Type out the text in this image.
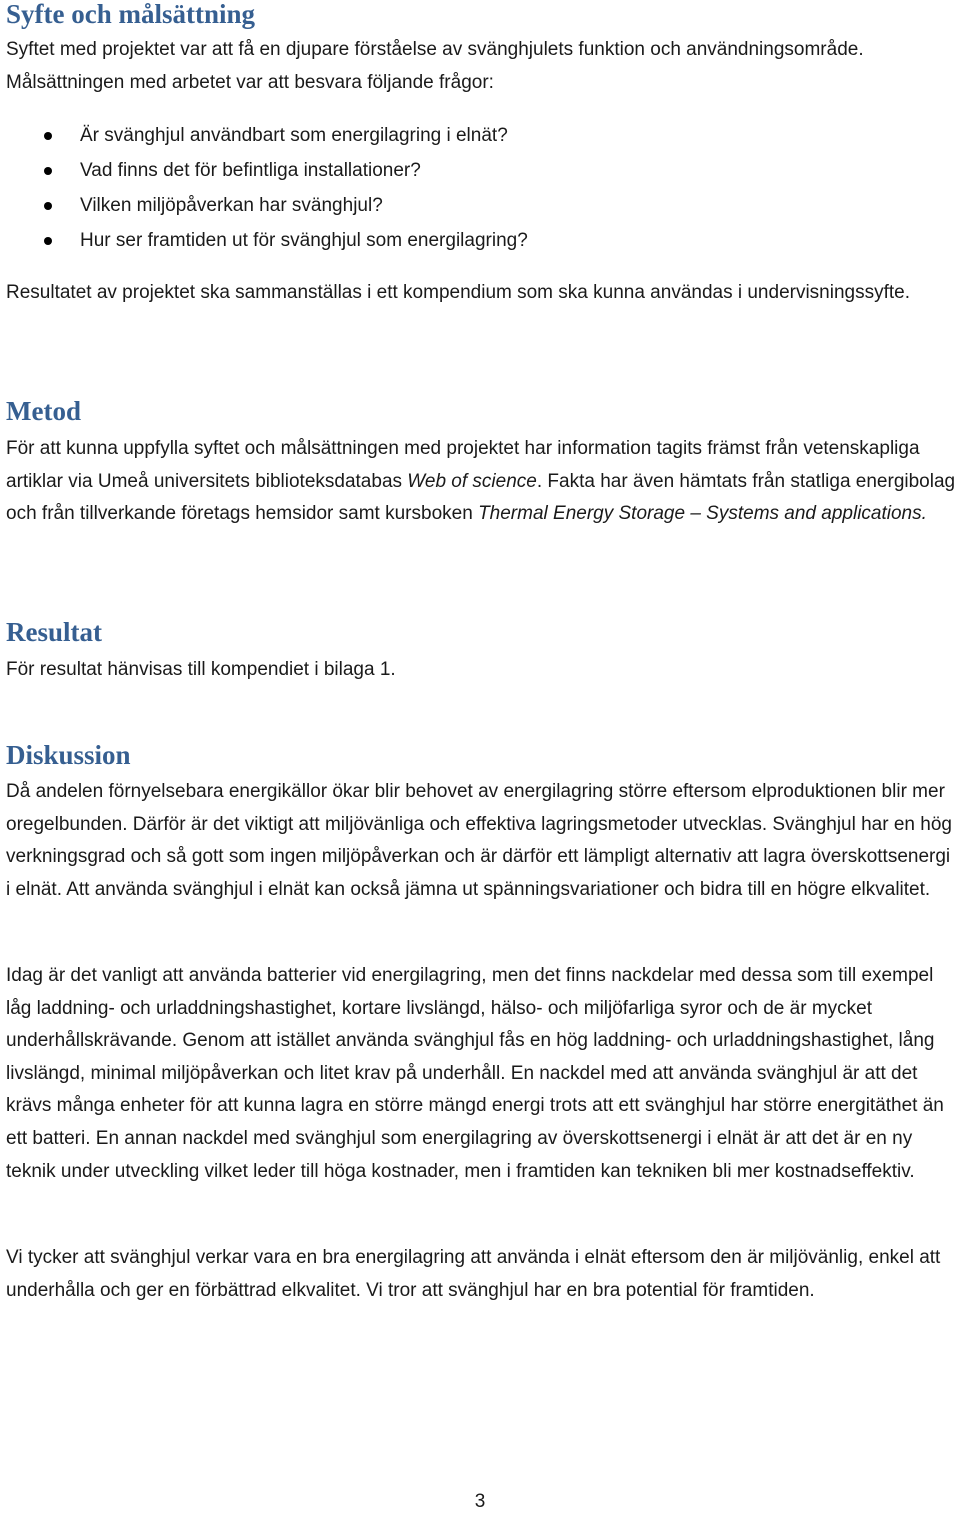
Syfte och målsättning

Syftet med projektet var att få en djupare förståelse av svänghjulets funktion och användningsområde. Målsättningen med arbetet var att besvara följande frågor:

Är svänghjul användbart som energilagring i elnät?
Vad finns det för befintliga installationer?
Vilken miljöpåverkan har svänghjul?
Hur ser framtiden ut för svänghjul som energilagring?

Resultatet av projektet ska sammanställas i ett kompendium som ska kunna användas i undervisningssyfte.

Metod

För att kunna uppfylla syftet och målsättningen med projektet har information tagits främst från vetenskapliga artiklar via Umeå universitets biblioteksdatabas Web of science. Fakta har även hämtats från statliga energibolag och från tillverkande företags hemsidor samt kursboken Thermal Energy Storage – Systems and applications.

Resultat

För resultat hänvisas till kompendiet i bilaga 1.

Diskussion

Då andelen förnyelsebara energikällor ökar blir behovet av energilagring större eftersom elproduktionen blir mer oregelbunden. Därför är det viktigt att miljövänliga och effektiva lagringsmetoder utvecklas. Svänghjul har en hög verkningsgrad och så gott som ingen miljöpåverkan och är därför ett lämpligt alternativ att lagra överskottsenergi i elnät. Att använda svänghjul i elnät kan också jämna ut spänningsvariationer och bidra till en högre elkvalitet.

Idag är det vanligt att använda batterier vid energilagring, men det finns nackdelar med dessa som till exempel låg laddning- och urladdningshastighet, kortare livslängd, hälso- och miljöfarliga syror och de är mycket underhållskrävande. Genom att istället använda svänghjul fås en hög laddning- och urladdningshastighet, lång livslängd, minimal miljöpåverkan och litet krav på underhåll. En nackdel med att använda svänghjul är att det krävs många enheter för att kunna lagra en större mängd energi trots att ett svänghjul har större energitäthet än ett batteri. En annan nackdel med svänghjul som energilagring av överskottsenergi i elnät är att det är en ny teknik under utveckling vilket leder till höga kostnader, men i framtiden kan tekniken bli mer kostnadseffektiv.

Vi tycker att svänghjul verkar vara en bra energilagring att använda i elnät eftersom den är miljövänlig, enkel att underhålla och ger en förbättrad elkvalitet. Vi tror att svänghjul har en bra potential för framtiden.

3
